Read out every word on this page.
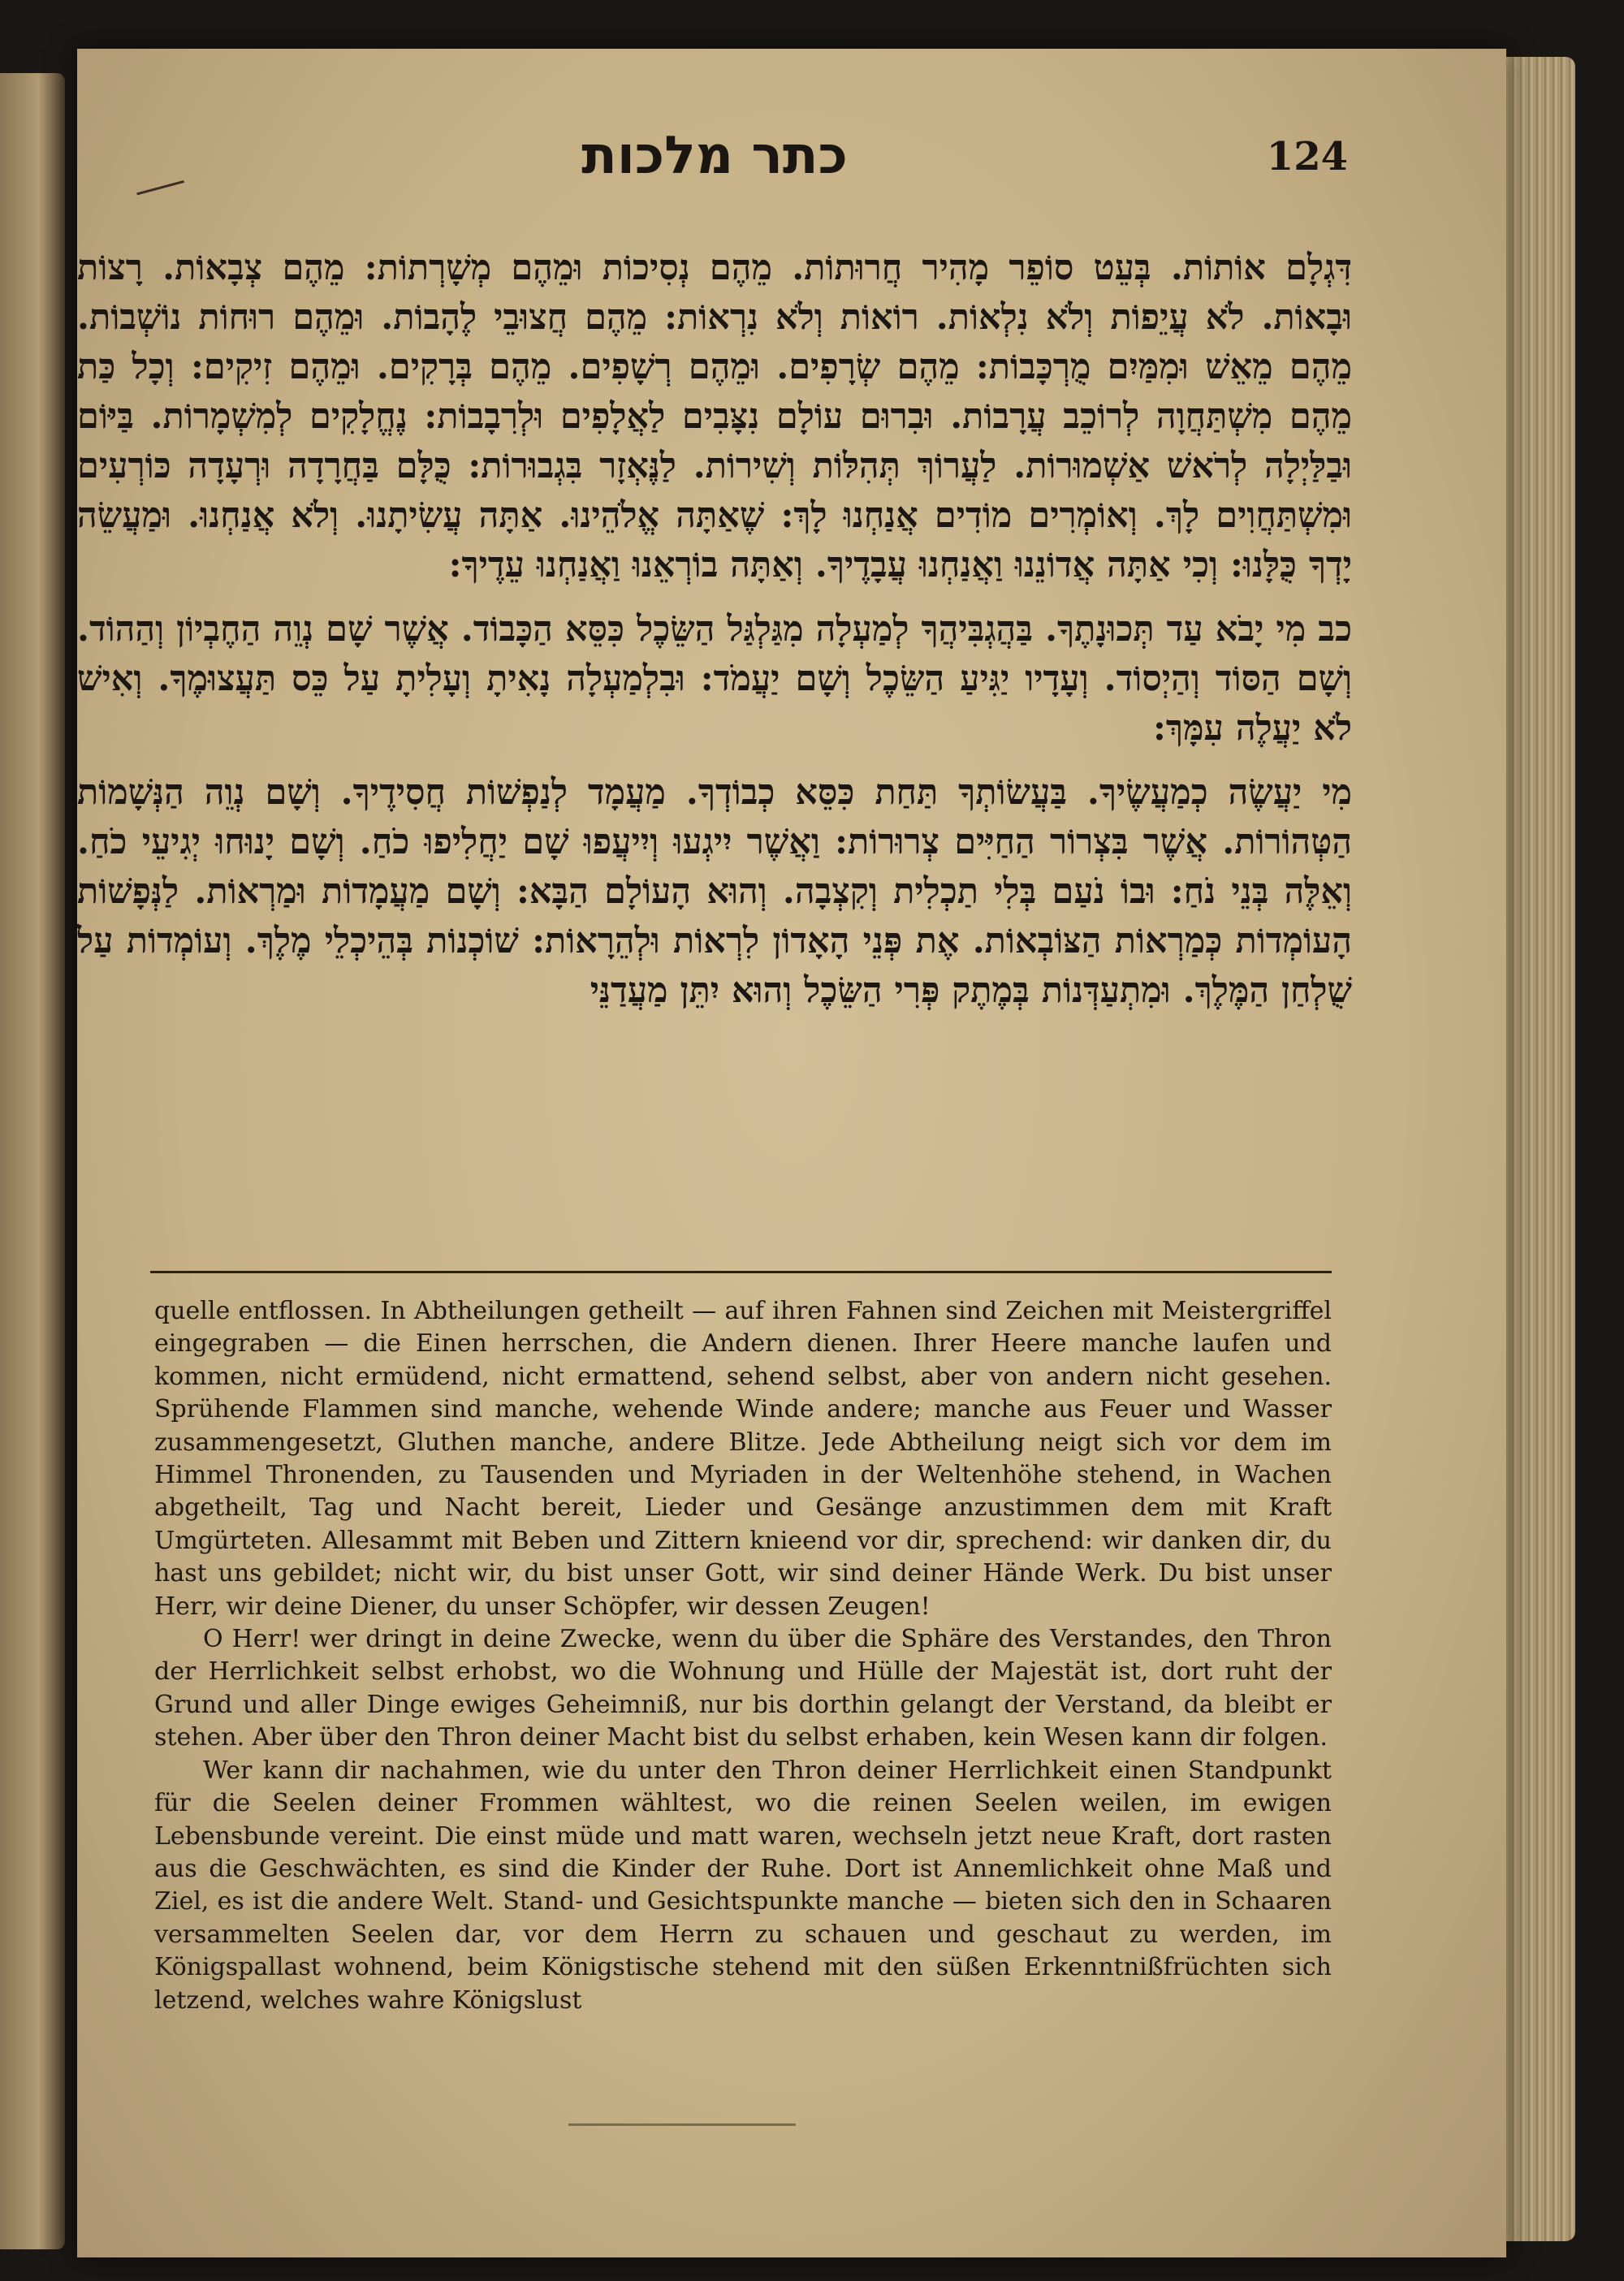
כתר מלכות	124

דִּגְלָם אוֹתוֹת. בְּעֵט סוֹפֵר מָהִיר חֲרוּתוֹת. מֵהֶם נְסִיכוֹת וּמֵהֶם מְשָׁרְתוֹת: מֵהֶם צְבָאוֹת. רָצוֹת וּבָאוֹת. לֹא עֲיֵפוֹת וְלֹא נִלְאוֹת. רוֹאוֹת וְלֹא נִרְאוֹת: מֵהֶם חֲצוּבֵי לֶהָבוֹת. וּמֵהֶם רוּחוֹת נוֹשְׁבוֹת. מֵהֶם מֵאֵשׁ וּמִמַּיִם מֻרְכָּבוֹת: מֵהֶם שְׂרָפִים. וּמֵהֶם רְשָׁפִים. מֵהֶם בְּרָקִים. וּמֵהֶם זִיקִים: וְכָל כַּת מֵהֶם מִשְׁתַּחֲוָה לְרוֹכֵב עֲרָבוֹת. וּבִרוּם עוֹלָם נִצָּבִים לַאֲלָפִים וּלְרִבָבוֹת: נֶחֱלָקִים לְמִשְׁמָרוֹת. בַּיּוֹם וּבַלַּיְלָה לְרֹאשׁ אַשְׁמוּרוֹת. לַעֲרוֹךְ תְּהִלּוֹת וְשִׁירוֹת. לַנֶּאְזָר בִּגְבוּרוֹת: כֻּלָּם בַּחֲרָדָה וּרְעָדָה כּוֹרְעִים וּמִשְׁתַּחֲוִים לָךְ. וְאוֹמְרִים מוֹדִים אֲנַחְנוּ לָךְ: שֶׁאַתָּה אֱלֹהֵינוּ. אַתָּה עֲשִׂיתָנוּ. וְלֹא אֲנַחְנוּ. וּמַעֲשֵׂה יָדְךָ כֻּלָּנוּ: וְכִי אַתָּה אֲדוֹנֵנוּ וַאֲנַחְנוּ עֲבָדֶיךָ. וְאַתָּה בוֹרְאֵנוּ וַאֲנַחְנוּ עֵדֶיךָ:

כב מִי יָבֹא עַד תְּכוּנָתֶךָ. בַּהֲגְבִּיהֲךָ לְמַעְלָה מִגַּלְגַּל הַשֵּׂכֶל כִּסֵּא הַכָּבוֹד. אֲשֶׁר שָׁם נְוֵה הַחֶבְיוֹן וְהַהוֹד. וְשָׁם הַסּוֹד וְהַיְסוֹד. וְעָדָיו יַגִּיעַ הַשֵּׂכֶל וְשָׁם יַעֲמֹד: וּבִלְמַעְלָה נָאִיתָ וְעָלִיתָ עַל כֵּס תַּעֲצוּמֶךָ. וְאִישׁ לֹא יַעֲלֶה עִמָּךְ:

מִי יַעֲשֶׂה כְמַעֲשֶׂיךָ. בַּעֲשׂוֹתְךָ תַּחַת כִּסֵּא כְבוֹדְךָ. מַעֲמָד לְנַפְשׁוֹת חֲסִידֶיךָ. וְשָׁם נְוֵה הַנְּשָׁמוֹת הַטְּהוֹרוֹת. אֲשֶׁר בִּצְרוֹר הַחַיִּים צְרוּרוֹת: וַאֲשֶׁר יִיגְעוּ וְיִיעֲפוּ שָׁם יַחֲלִיפוּ כֹחַ. וְשָׁם יָנוּחוּ יְגִיעֵי כֹחַ. וְאֵלֶּה בְּנֵי נֹחַ: וּבוֹ נֹעַם בְּלִי תַכְלִית וְקִצְבָה. וְהוּא הָעוֹלָם הַבָּא: וְשָׁם מַעֲמָדוֹת וּמַרְאוֹת. לַנְּפָשׁוֹת הָעוֹמְדוֹת כְּמַרְאוֹת הַצּוֹבְאוֹת. אֶת פְּנֵי הָאָדוֹן לִרְאוֹת וּלְהֵרָאוֹת: שׁוֹכְנוֹת בְּהֵיכְלֵי מֶלֶךְ. וְעוֹמְדוֹת עַל שֻׁלְחַן הַמֶּלֶךְ. וּמִתְעַדְּנוֹת בְּמֶתֶק פְּרִי הַשֵּׂכֶל וְהוּא יִתֵּן מַעֲדַנֵּי

quelle entflossen. In Abtheilungen getheilt — auf ihren Fahnen sind Zeichen mit Meistergriffel eingegraben — die Einen herrschen, die Andern dienen. Ihrer Heere manche laufen und kommen, nicht ermüdend, nicht ermattend, sehend selbst, aber von andern nicht gesehen. Sprühende Flammen sind manche, wehende Winde andere; manche aus Feuer und Wasser zusammengesetzt, Gluthen manche, andere Blitze. Jede Abtheilung neigt sich vor dem im Himmel Thronenden, zu Tausenden und Myriaden in der Weltenhöhe stehend, in Wachen abgetheilt, Tag und Nacht bereit, Lieder und Gesänge anzustimmen dem mit Kraft Umgürteten. Allesammt mit Beben und Zittern knieend vor dir, sprechend: wir danken dir, du hast uns gebildet; nicht wir, du bist unser Gott, wir sind deiner Hände Werk. Du bist unser Herr, wir deine Diener, du unser Schöpfer, wir dessen Zeugen!

O Herr! wer dringt in deine Zwecke, wenn du über die Sphäre des Verstandes, den Thron der Herrlichkeit selbst erhobst, wo die Wohnung und Hülle der Majestät ist, dort ruht der Grund und aller Dinge ewiges Geheimniß, nur bis dorthin gelangt der Verstand, da bleibt er stehen. Aber über den Thron deiner Macht bist du selbst erhaben, kein Wesen kann dir folgen.

Wer kann dir nachahmen, wie du unter den Thron deiner Herrlichkeit einen Standpunkt für die Seelen deiner Frommen wähltest, wo die reinen Seelen weilen, im ewigen Lebensbunde vereint. Die einst müde und matt waren, wechseln jetzt neue Kraft, dort rasten aus die Geschwächten, es sind die Kinder der Ruhe. Dort ist Annemlichkeit ohne Maß und Ziel, es ist die andere Welt. Stand- und Gesichtspunkte manche — bieten sich den in Schaaren versammelten Seelen dar, vor dem Herrn zu schauen und geschaut zu werden, im Königspallast wohnend, beim Königstische stehend mit den süßen Erkenntnißfrüchten sich letzend, welches wahre Königslust
